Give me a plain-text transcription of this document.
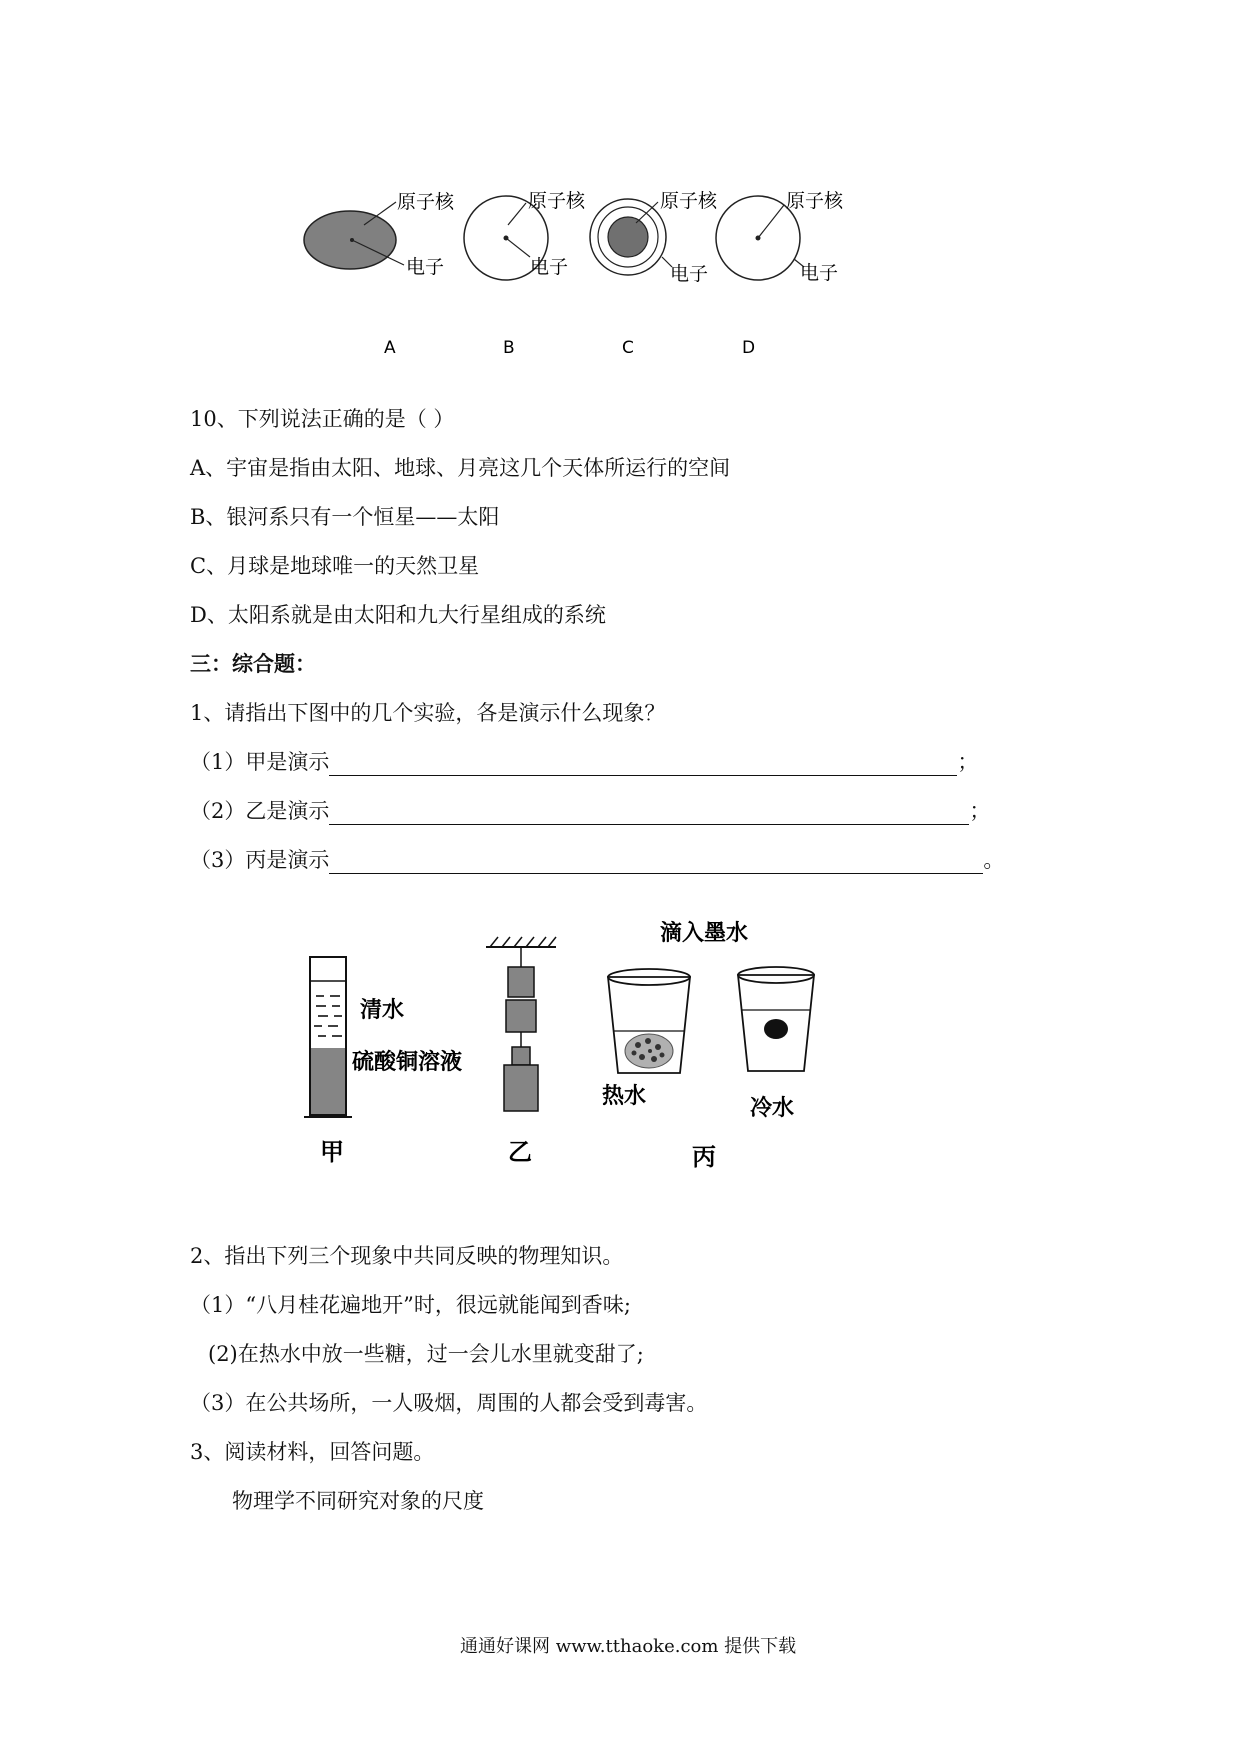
原子核
电子
A
原子核
电子
B
原子核
电子
C
原子核
电子
D
10、下列说法正确的是（ ）
A、宇宙是指由太阳、地球、月亮这几个天体所运行的空间
B、银河系只有一个恒星——太阳
C、月球是地球唯一的天然卫星
D、太阳系就是由太阳和九大行星组成的系统
三：综合题：
1、请指出下图中的几个实验，各是演示什么现象？
（1）甲是演示	；
（2）乙是演示	；
（3）丙是演示	。
清水
硫酸铜溶液
甲	乙
滴入墨水
热水	冷水
丙
2、指出下列三个现象中共同反映的物理知识。
（1）“八月桂花遍地开”时，很远就能闻到香味;
(2)在热水中放一些糖，过一会儿水里就变甜了;
（3）在公共场所，一人吸烟，周围的人都会受到毒害。
3、阅读材料，回答问题。
物理学不同研究对象的尺度
通通好课网 www.tthaoke.com 提供下载
